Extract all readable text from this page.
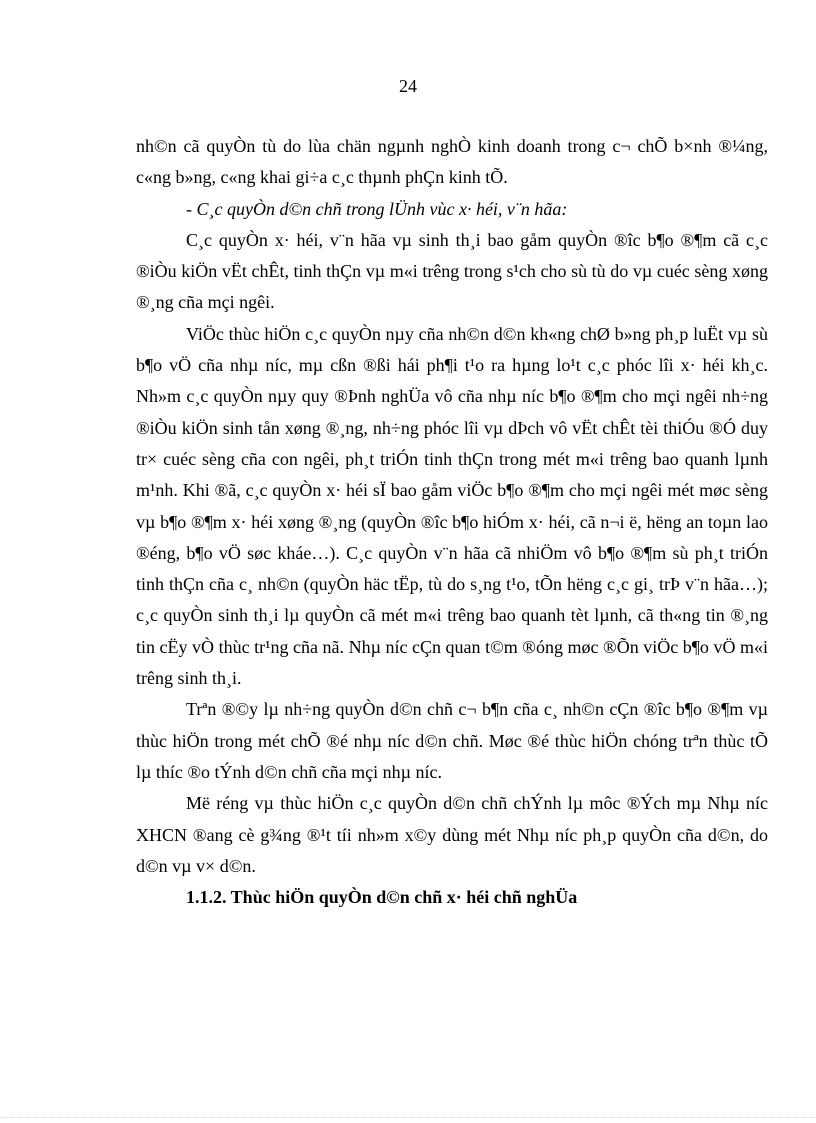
24

nh©n cã quyÒn tù do lùa chän ngµnh nghÒ kinh doanh trong c¬ chÕ b×nh ®¼ng, c«ng b»ng, c«ng khai gi÷a c¸c thµnh phÇn kinh tÕ.

- C¸c quyÒn d©n chñ trong lÜnh vùc x· héi, v¨n hãa:

C¸c quyÒn x· héi, v¨n hãa vµ sinh th¸i bao gåm quyÒn ®îc b¶o ®¶m cã c¸c ®iÒu kiÖn vËt chÊt, tinh thÇn vµ m«i trêng trong s¹ch cho sù tù do vµ cuéc sèng xøng ®¸ng cña mçi ngêi.

ViÖc thùc hiÖn c¸c quyÒn nµy cña nh©n d©n kh«ng chØ b»ng ph¸p luËt vµ sù b¶o vÖ cña nhµ níc, mµ cßn ®ßi hái ph¶i t¹o ra hµng lo¹t c¸c phóc lîi x· héi kh¸c. Nh»m c¸c quyÒn nµy quy ®Þnh nghÜa vô cña nhµ níc b¶o ®¶m cho mçi ngêi nh÷ng ®iÒu kiÖn sinh tån xøng ®¸ng, nh÷ng phóc lîi vµ dÞch vô vËt chÊt tèi thiÓu ®Ó duy tr× cuéc sèng cña con ngêi, ph¸t triÓn tinh thÇn trong mét m«i trêng bao quanh lµnh m¹nh. Khi ®ã, c¸c quyÒn x· héi sÏ bao gåm viÖc b¶o ®¶m cho mçi ngêi mét møc sèng vµ b¶o ®¶m x· héi xøng ®¸ng (quyÒn ®îc b¶o hiÓm x· héi, cã n¬i ë, hëng an toµn lao ®éng, b¶o vÖ søc kháe…). C¸c quyÒn v¨n hãa cã nhiÖm vô b¶o ®¶m sù ph¸t triÓn tinh thÇn cña c¸ nh©n (quyÒn häc tËp, tù do s¸ng t¹o, tÕn hëng c¸c gi¸ trÞ v¨n hãa…); c¸c quyÒn sinh th¸i lµ quyÒn cã mét m«i trêng bao quanh tèt lµnh, cã th«ng tin ®¸ng tin cËy vÒ thùc tr¹ng cña nã. Nhµ níc cÇn quan t©m ®óng møc ®Õn viÖc b¶o vÖ m«i trêng sinh th¸i.

Trªn ®©y lµ nh÷ng quyÒn d©n chñ c¬ b¶n cña c¸ nh©n cÇn ®îc b¶o ®¶m vµ thùc hiÖn trong mét chÕ ®é nhµ níc d©n chñ. Møc ®é thùc hiÖn chóng trªn thùc tÕ lµ thíc ®o tÝnh d©n chñ cña mçi nhµ níc.

Më réng vµ thùc hiÖn c¸c quyÒn d©n chñ chÝnh lµ môc ®Ých mµ Nhµ níc XHCN ®ang cè g¾ng ®¹t tíi nh»m x©y dùng mét Nhµ níc ph¸p quyÒn cña d©n, do d©n vµ v× d©n.

1.1.2. Thùc hiÖn quyÒn d©n chñ x· héi chñ nghÜa
